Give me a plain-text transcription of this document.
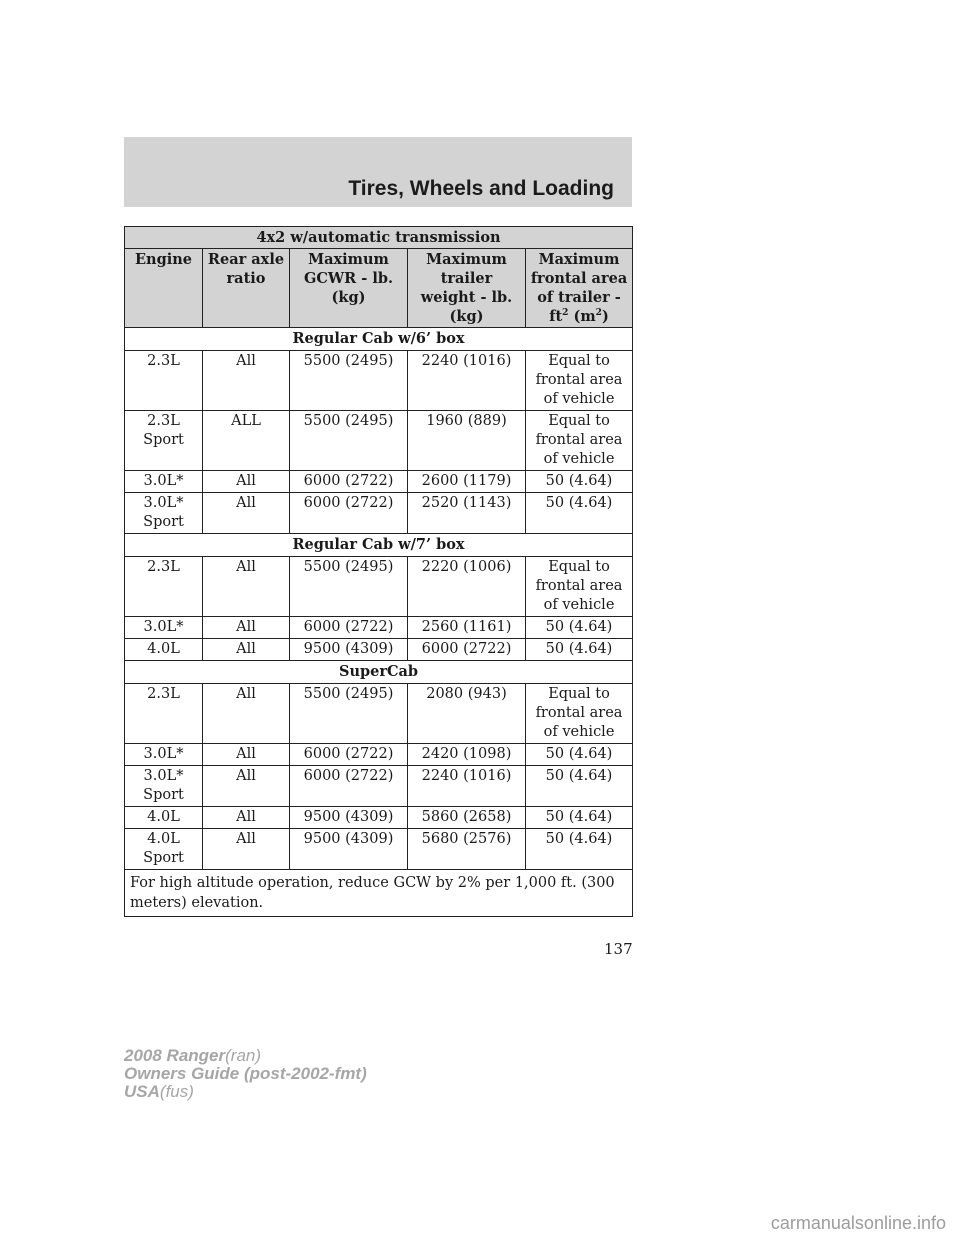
Tires, Wheels and Loading
4x2 w/automatic transmission				
Engine	Rear axle ratio	Maximum GCWR - lb. (kg)	Maximum trailer weight - lb. (kg)	Maximum frontal area of trailer - $ft^2$ $(m^2)$
Regular Cab w/6’ box				
2.3L	All	5500 (2495)	2240 (1016)	Equal to frontal area of vehicle
2.3L Sport	ALL	5500 (2495)	1960 (889)	Equal to frontal area of vehicle
3.0L*	All	6000 (2722)	2600 (1179)	50 (4.64)
3.0L* Sport	All	6000 (2722)	2520 (1143)	50 (4.64)
Regular Cab w/7’ box				
2.3L	All	5500 (2495)	2220 (1006)	Equal to frontal area of vehicle
3.0L*	All	6000 (2722)	2560 (1161)	50 (4.64)
4.0L	All	9500 (4309)	6000 (2722)	50 (4.64)
SuperCab				
2.3L	All	5500 (2495)	2080 (943)	Equal to frontal area of vehicle
3.0L*	All	6000 (2722)	2420 (1098)	50 (4.64)
3.0L* Sport	All	6000 (2722)	2240 (1016)	50 (4.64)
4.0L	All	9500 (4309)	5860 (2658)	50 (4.64)
4.0L Sport	All	9500 (4309)	5680 (2576)	50 (4.64)
For high altitude operation, reduce GCW by 2% per 1,000 ft. (300 meters) elevation.				
137
2008 Ranger(ran)
Owners Guide (post-2002-fmt)
USA(fus)
carmanualsonline.info
